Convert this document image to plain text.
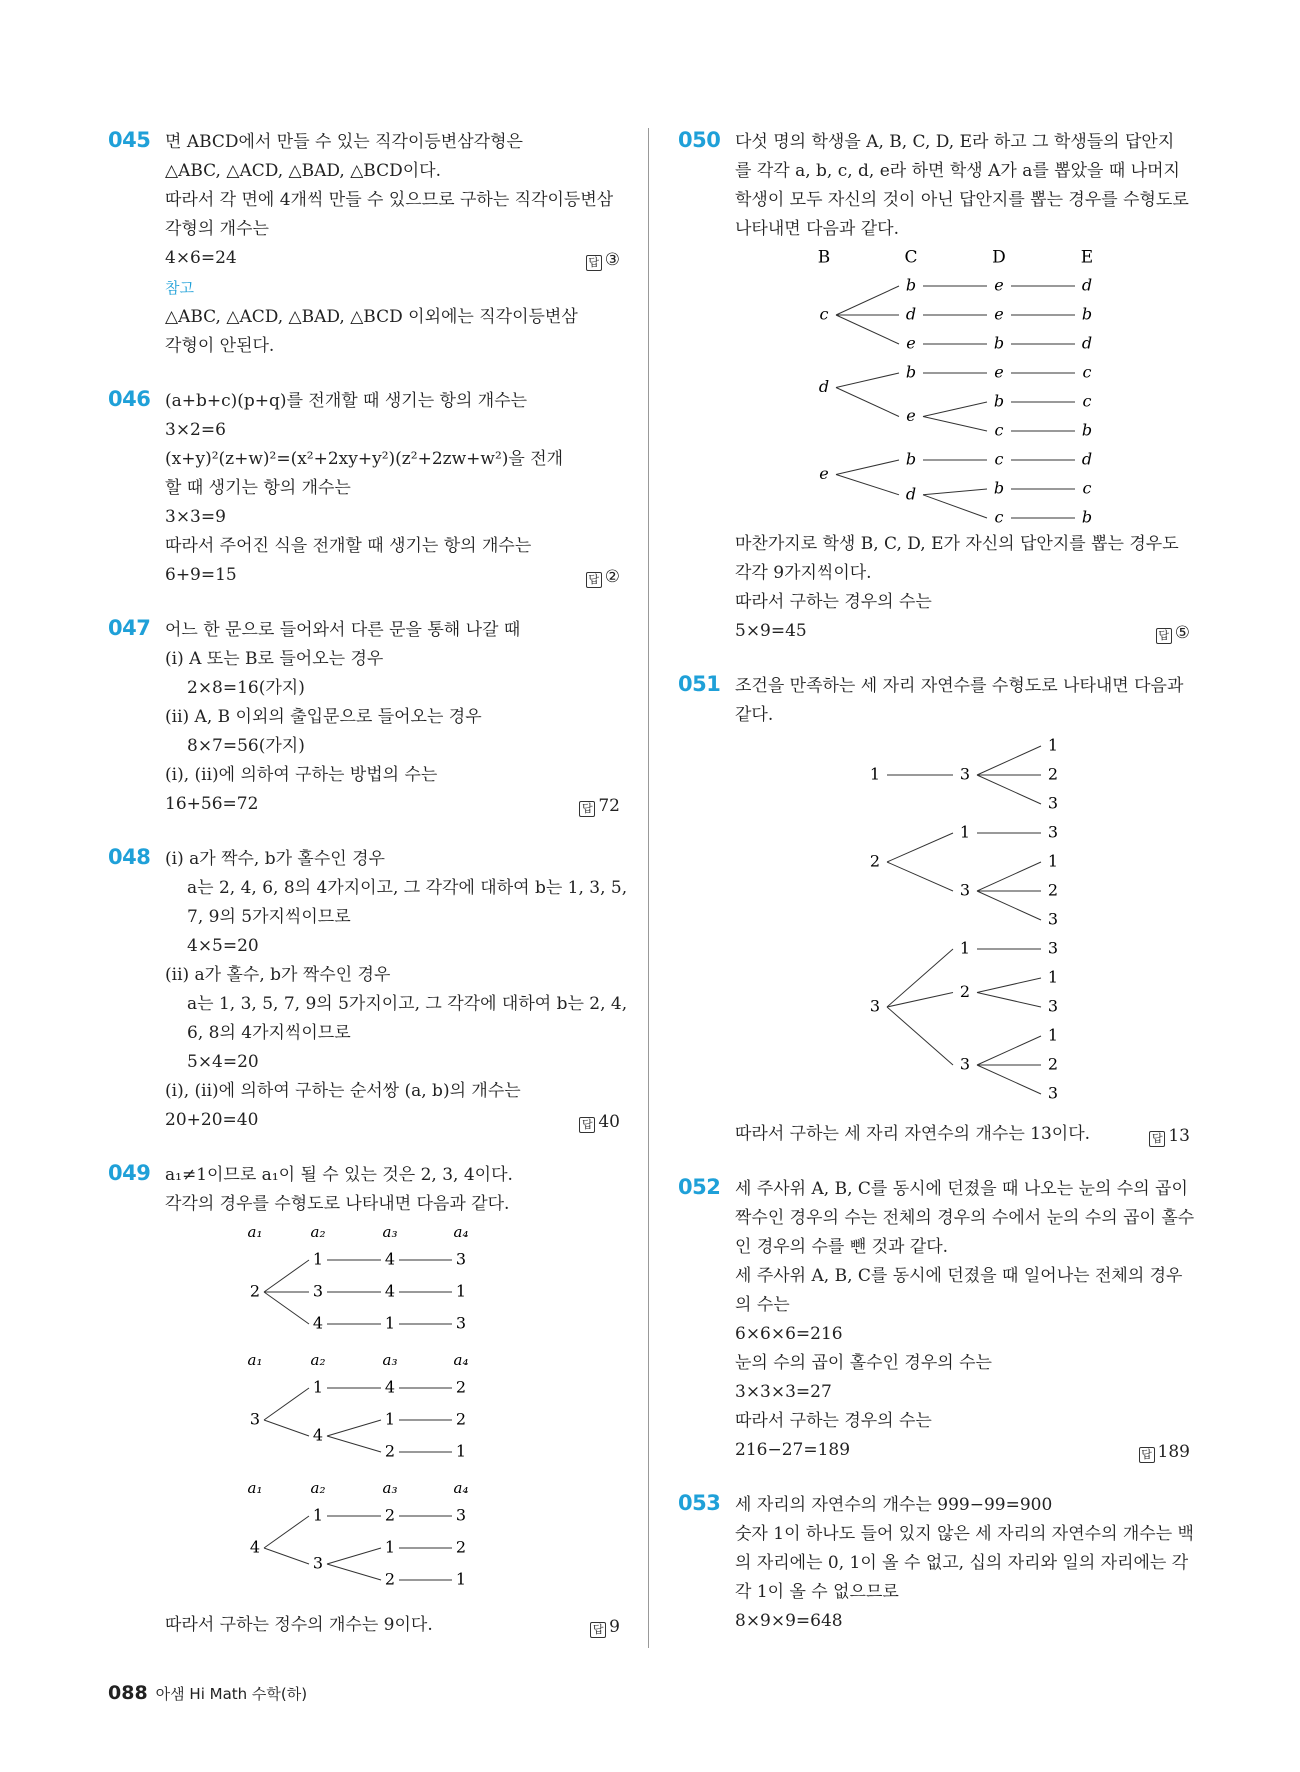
045 면 ABCD에서 만들 수 있는 직각이등변삼각형은
△ABC, △ACD, △BAD, △BCD이다.
따라서 각 면에 4개씩 만들 수 있으므로 구하는 직각이등변삼
각형의 개수는
4×6=24	답 ③
참고
△ABC, △ACD, △BAD, △BCD 이외에는 직각이등변삼
각형이 안된다.
046 (a+b+c)(p+q)를 전개할 때 생기는 항의 개수는
3×2=6
(x+y)²(z+w)²=(x²+2xy+y²)(z²+2zw+w²)을 전개
할 때 생기는 항의 개수는
3×3=9
따라서 주어진 식을 전개할 때 생기는 항의 개수는
6+9=15	답 ②
047 어느 한 문으로 들어와서 다른 문을 통해 나갈 때
(i) A 또는 B로 들어오는 경우
2×8=16(가지)
(ii) A, B 이외의 출입문으로 들어오는 경우
8×7=56(가지)
(i), (ii)에 의하여 구하는 방법의 수는
16+56=72	답 72
048 (i) a가 짝수, b가 홀수인 경우
a는 2, 4, 6, 8의 4가지이고, 그 각각에 대하여 b는 1, 3, 5,
7, 9의 5가지씩이므로
4×5=20
(ii) a가 홀수, b가 짝수인 경우
a는 1, 3, 5, 7, 9의 5가지이고, 그 각각에 대하여 b는 2, 4,
6, 8의 4가지씩이므로
5×4=20
(i), (ii)에 의하여 구하는 순서쌍 (a, b)의 개수는
20+20=40	답 40
049 a₁≠1이므로 a₁이 될 수 있는 것은 2, 3, 4이다.
각각의 경우를 수형도로 나타내면 다음과 같다.
a₁	a₂	a₃	a₄
a₁	a₂	a₃	a₄
a₁	a₂	a₃	a₄
2
1	4	3
3	4	1
4	1	3
3
1	4	2
4
1	2
2	1
4
1	2	3
3
1	2
2	1
따라서 구하는 정수의 개수는 9이다.	답 9
050 다섯 명의 학생을 A, B, C, D, E라 하고 그 학생들의 답안지
를 각각 a, b, c, d, e라 하면 학생 A가 a를 뽑았을 때 나머지
학생이 모두 자신의 것이 아닌 답안지를 뽑는 경우를 수형도로
나타내면 다음과 같다.
B	C	D	E
c
b	e	d
d	e	b
e	b	d
d
b	e	c
e
b	c
c	b
e
b	c	d
d	b	c
c	b
마찬가지로 학생 B, C, D, E가 자신의 답안지를 뽑는 경우도
각각 9가지씩이다.
따라서 구하는 경우의 수는
5×9=45	답 ⑤
051 조건을 만족하는 세 자리 자연수를 수형도로 나타내면 다음과
같다.
1	3
1
2
3
2
1	3
3
1
2
3
3
1	3
2
1
3
3
1
2
3
따라서 구하는 세 자리 자연수의 개수는 13이다.	답 13
052 세 주사위 A, B, C를 동시에 던졌을 때 나오는 눈의 수의 곱이
짝수인 경우의 수는 전체의 경우의 수에서 눈의 수의 곱이 홀수
인 경우의 수를 뺀 것과 같다.
세 주사위 A, B, C를 동시에 던졌을 때 일어나는 전체의 경우
의 수는
6×6×6=216
눈의 수의 곱이 홀수인 경우의 수는
3×3×3=27
따라서 구하는 경우의 수는
216−27=189	답 189
053 세 자리의 자연수의 개수는 999−99=900
숫자 1이 하나도 들어 있지 않은 세 자리의 자연수의 개수는 백
의 자리에는 0, 1이 올 수 없고, 십의 자리와 일의 자리에는 각
각 1이 올 수 없으므로
8×9×9=648
088 아샘 Hi Math 수학(하)
